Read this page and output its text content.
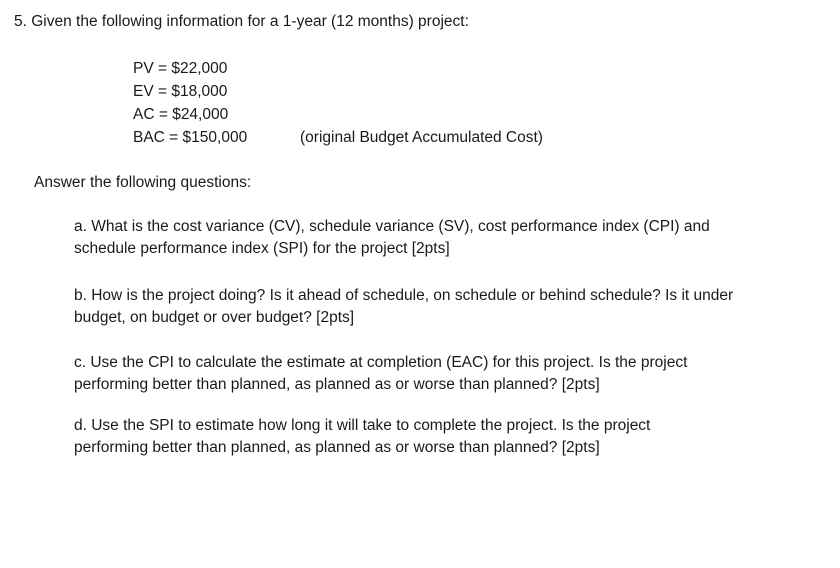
5. Given the following information for a 1-year (12 months) project:
PV = $22,000
EV = $18,000
AC = $24,000
BAC = $150,000	(original Budget Accumulated Cost)
Answer the following questions:
a. What is the cost variance (CV), schedule variance (SV), cost performance index (CPI) and
schedule performance index (SPI) for the project [2pts]
b. How is the project doing? Is it ahead of schedule, on schedule or behind schedule? Is it under
budget, on budget or over budget? [2pts]
c. Use the CPI to calculate the estimate at completion (EAC) for this project. Is the project
performing better than planned, as planned as or worse than planned? [2pts]
d. Use the SPI to estimate how long it will take to complete the project. Is the project
performing better than planned, as planned as or worse than planned? [2pts]
